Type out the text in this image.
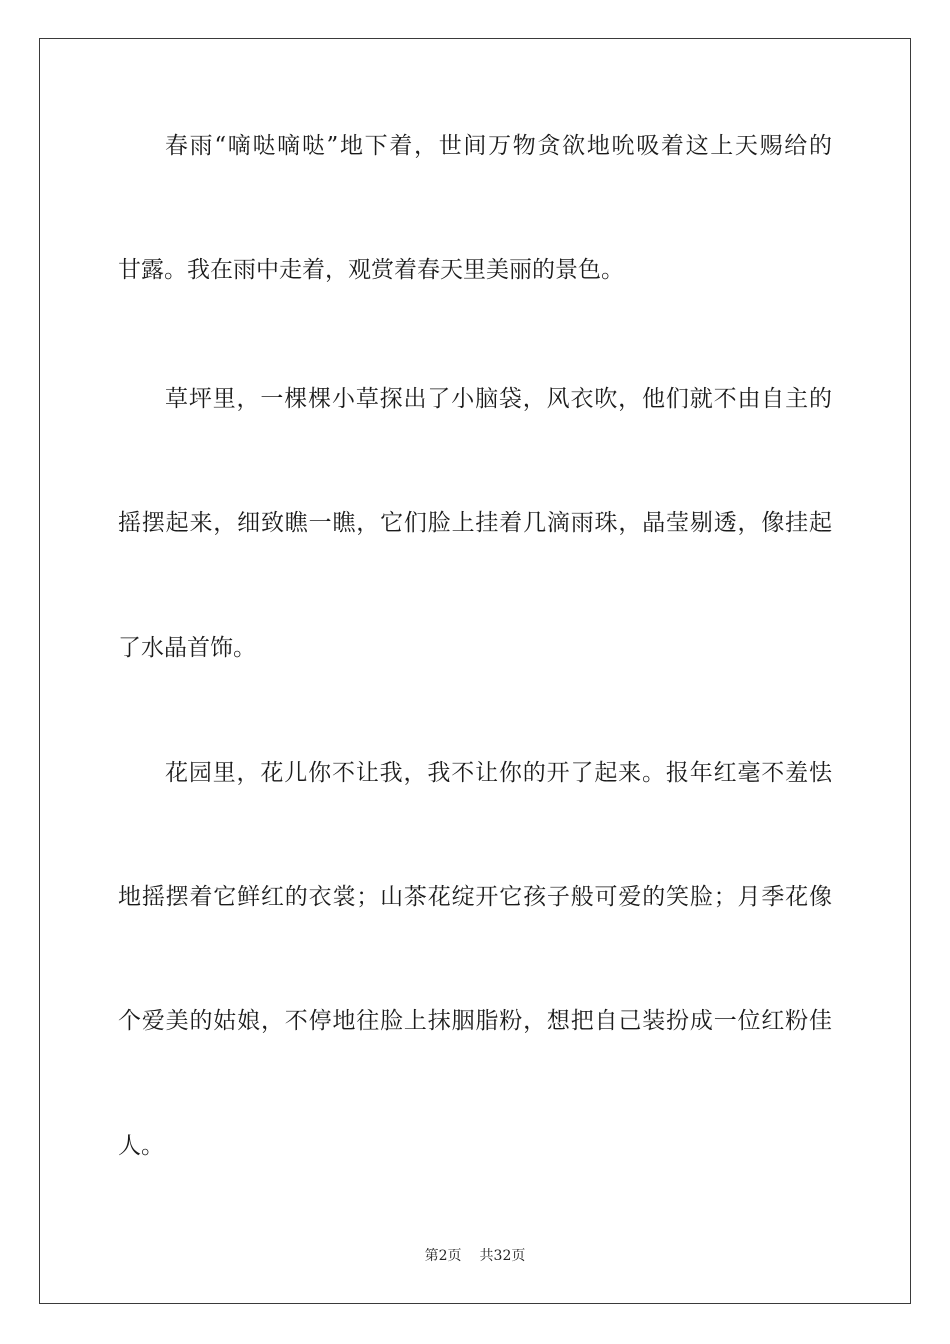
春雨“嘀哒嘀哒”地下着，世间万物贪欲地吮吸着这上天赐给的
甘露。我在雨中走着，观赏着春天里美丽的景色。
草坪里，一棵棵小草探出了小脑袋，风衣吹，他们就不由自主的
摇摆起来，细致瞧一瞧，它们脸上挂着几滴雨珠，晶莹剔透，像挂起
了水晶首饰。
花园里，花儿你不让我，我不让你的开了起来。报年红毫不羞怯
地摇摆着它鲜红的衣裳；山茶花绽开它孩子般可爱的笑脸；月季花像
个爱美的姑娘，不停地往脸上抹胭脂粉，想把自己装扮成一位红粉佳
人。
第2页 共32页
